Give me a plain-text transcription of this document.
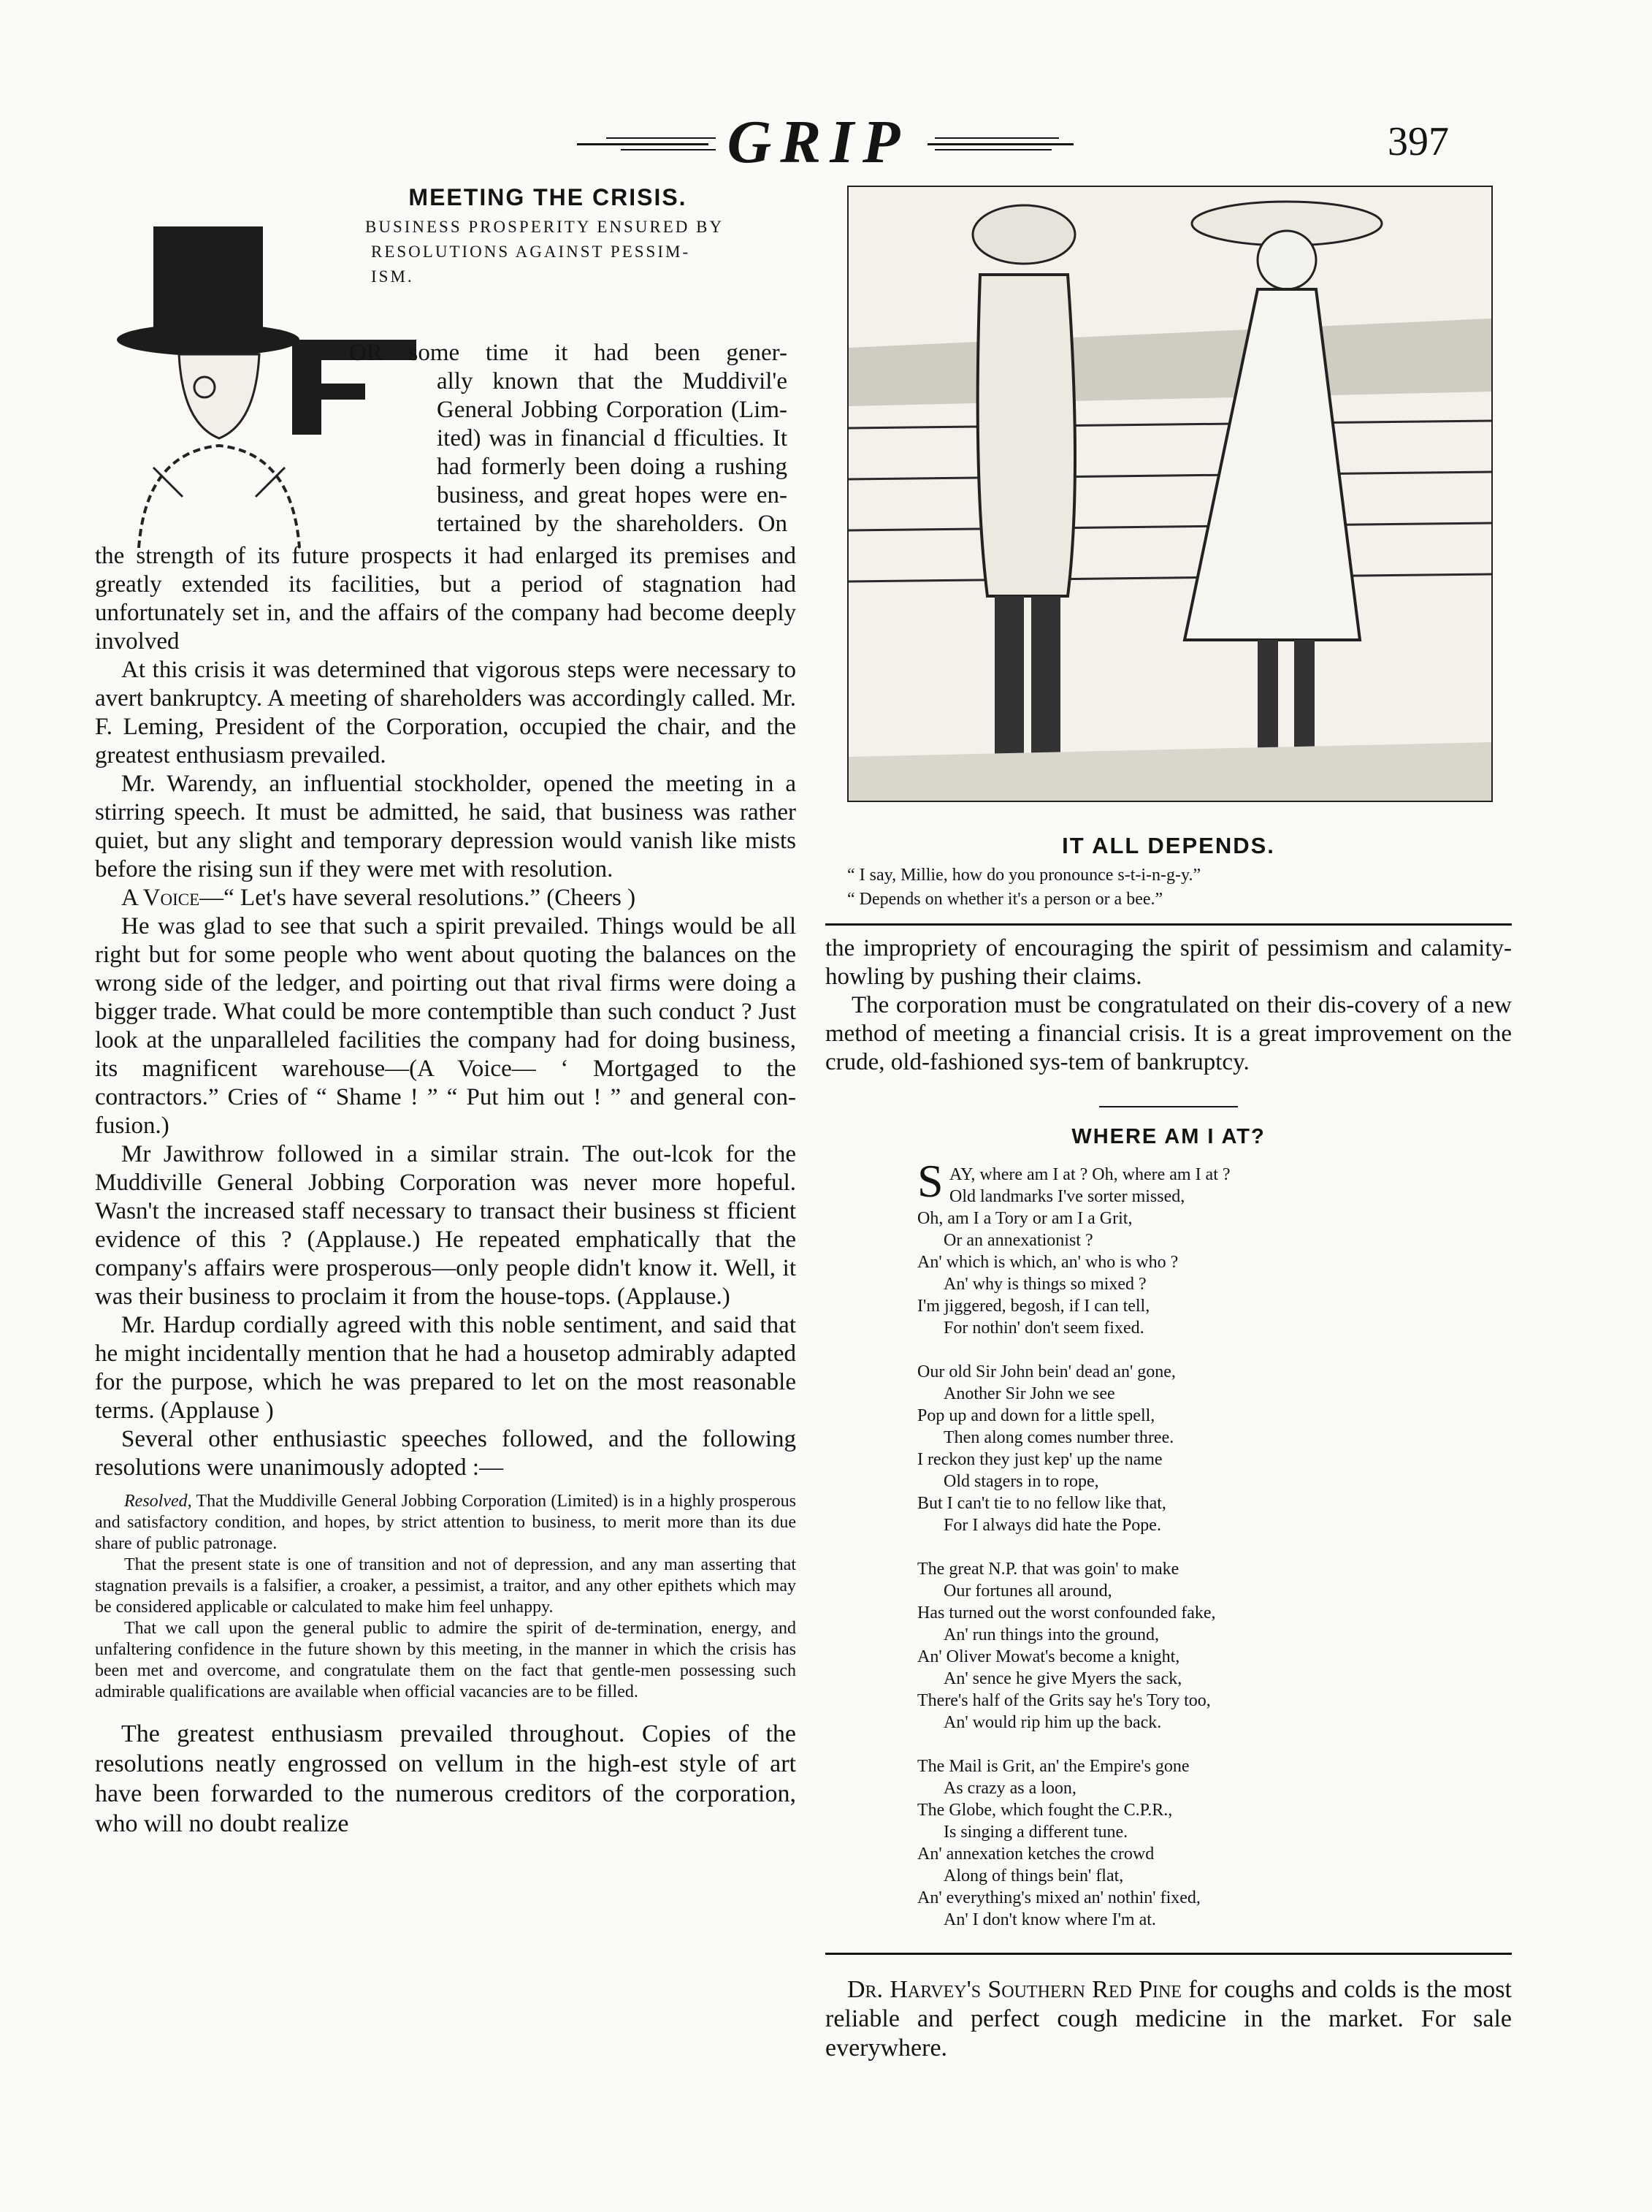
GRIP	397
MEETING THE CRISIS.
BUSINESS PROSPERITY ENSURED BY
RESOLUTIONS AGAINST PESSIM-
ISM.

OR some time it had been gener-

ally known that the Muddivil'e

General Jobbing Corporation (Lim-

ited) was in financial d fficulties. It

had formerly been doing a rushing

business, and great hopes were en-

tertained by the shareholders. On

the strength of its future prospects it had enlarged its premises and greatly extended its facilities, but a period of stagnation had unfortunately set in, and the affairs of the company had become deeply involved

At this crisis it was determined that vigorous steps were necessary to avert bankruptcy. A meeting of shareholders was accordingly called. Mr. F. Leming, President of the Corporation, occupied the chair, and the greatest enthusiasm prevailed.

Mr. Warendy, an influential stockholder, opened the meeting in a stirring speech. It must be admitted, he said, that business was rather quiet, but any slight and temporary depression would vanish like mists before the rising sun if they were met with resolution.

A Voice—“ Let's have several resolutions.” (Cheers )

He was glad to see that such a spirit prevailed. Things would be all right but for some people who went about quoting the balances on the wrong side of the ledger, and poirting out that rival firms were doing a bigger trade. What could be more contemptible than such conduct ? Just look at the unparalleled facilities the company had for doing business, its magnificent warehouse—(A Voice— ‘ Mortgaged to the contractors.” Cries of “ Shame ! ” “ Put him out ! ” and general con-fusion.)

Mr Jawithrow followed in a similar strain. The out-lcok for the Muddiville General Jobbing Corporation was never more hopeful. Wasn't the increased staff necessary to transact their business st fficient evidence of this ? (Applause.) He repeated emphatically that the company's affairs were prosperous—only people didn't know it. Well, it was their business to proclaim it from the house-tops. (Applause.)

Mr. Hardup cordially agreed with this noble sentiment, and said that he might incidentally mention that he had a housetop admirably adapted for the purpose, which he was prepared to let on the most reasonable terms. (Applause )

Several other enthusiastic speeches followed, and the following resolutions were unanimously adopted :—

Resolved, That the Muddiville General Jobbing Corporation (Limited) is in a highly prosperous and satisfactory condition, and hopes, by strict attention to business, to merit more than its due share of public patronage.

That the present state is one of transition and not of depression, and any man asserting that stagnation prevails is a falsifier, a croaker, a pessimist, a traitor, and any other epithets which may be considered applicable or calculated to make him feel unhappy.

That we call upon the general public to admire the spirit of de-termination, energy, and unfaltering confidence in the future shown by this meeting, in the manner in which the crisis has been met and overcome, and congratulate them on the fact that gentle-men possessing such admirable qualifications are available when official vacancies are to be filled.

The greatest enthusiasm prevailed throughout. Copies of the resolutions neatly engrossed on vellum in the high-est style of art have been forwarded to the numerous creditors of the corporation, who will no doubt realize

IT ALL DEPENDS.

“ I say, Millie, how do you pronounce s-t-i-n-g-y.”

“ Depends on whether it's a person or a bee.”

the impropriety of encouraging the spirit of pessimism and calamity-howling by pushing their claims.

The corporation must be congratulated on their dis-covery of a new method of meeting a financial crisis. It is a great improvement on the crude, old-fashioned sys-tem of bankruptcy.

WHERE AM I AT?
S AY, where am I at ? Oh, where am I at ?
Old landmarks I've sorter missed,
Oh, am I a Tory or am I a Grit,
Or an annexationist ?
An' which is which, an' who is who ?
An' why is things so mixed ?
I'm jiggered, begosh, if I can tell,
For nothin' don't seem fixed.
Our old Sir John bein' dead an' gone,
Another Sir John we see
Pop up and down for a little spell,
Then along comes number three.
I reckon they just kep' up the name
Old stagers in to rope,
But I can't tie to no fellow like that,
For I always did hate the Pope.
The great N.P. that was goin' to make
Our fortunes all around,
Has turned out the worst confounded fake,
An' run things into the ground,
An' Oliver Mowat's become a knight,
An' sence he give Myers the sack,
There's half of the Grits say he's Tory too,
An' would rip him up the back.
The Mail is Grit, an' the Empire's gone
As crazy as a loon,
The Globe, which fought the C.P.R.,
Is singing a different tune.
An' annexation ketches the crowd
Along of things bein' flat,
An' everything's mixed an' nothin' fixed,
An' I don't know where I'm at.

Dr. Harvey's Southern Red Pine for coughs and colds is the most reliable and perfect cough medicine in the market. For sale everywhere.
